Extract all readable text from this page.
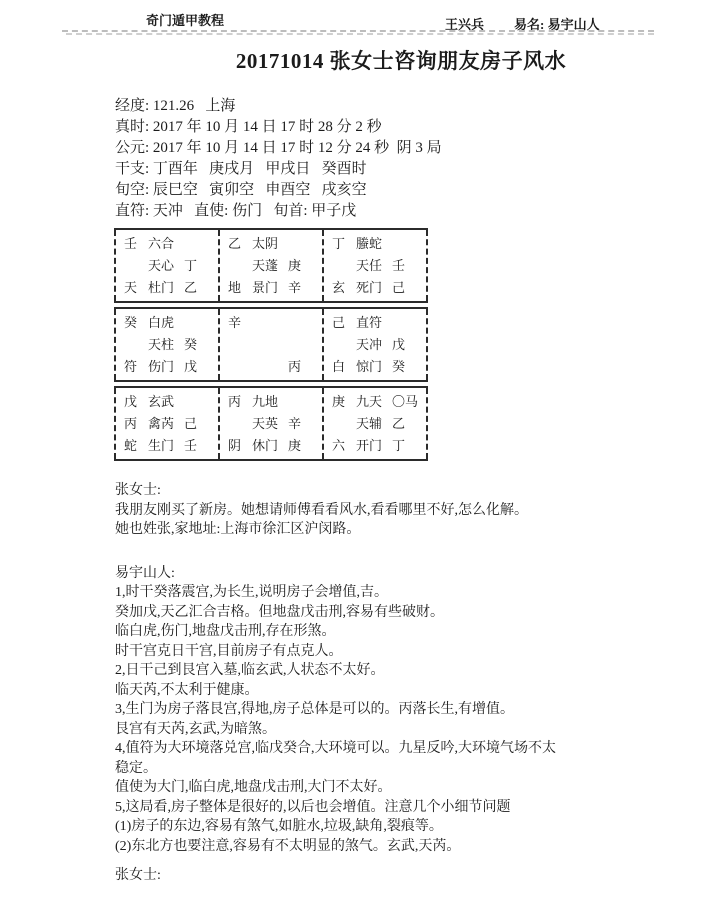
奇门遁甲教程	王兴兵 易名: 易宇山人
20171014 张女士咨询朋友房子风水
经度: 121.26   上海
真时: 2017 年 10 月 14 日 17 时 28 分 2 秒
公元: 2017 年 10 月 14 日 17 时 12 分 24 秒  阴 3 局
干支: 丁酉年   庚戌月   甲戌日   癸酉时
旬空: 辰巳空   寅卯空   申酉空   戌亥空
直符: 天冲   直使: 伤门   旬首: 甲子戊
壬 六合
天心 丁
天 杜门 乙
乙 太阴
天蓬 庚
地 景门 辛
丁 螣蛇
天任 壬
玄 死门 己
癸 白虎
天柱 癸
符 伤门 戊
辛
丙
己 直符
天冲 戊
白 惊门 癸
戊 玄武
丙 禽芮 己
蛇 生门 壬
丙 九地
天英 辛
阴 休门 庚
庚 九天 〇马
天辅 乙
六 开门 丁
张女士:
我朋友刚买了新房。她想请师傅看看风水,看看哪里不好,怎么化解。
她也姓张,家地址:上海市徐汇区沪闵路。
易宇山人:
1,时干癸落震宫,为长生,说明房子会增值,吉。
癸加戊,天乙汇合吉格。但地盘戊击刑,容易有些破财。
临白虎,伤门,地盘戊击刑,存在形煞。
时干宫克日干宫,目前房子有点克人。
2,日干己到艮宫入墓,临玄武,人状态不太好。
临天芮,不太利于健康。
3,生门为房子落艮宫,得地,房子总体是可以的。丙落长生,有增值。
艮宫有天芮,玄武,为暗煞。
4,值符为大环境落兑宫,临戊癸合,大环境可以。九星反吟,大环境气场不太
稳定。
值使为大门,临白虎,地盘戊击刑,大门不太好。
5,这局看,房子整体是很好的,以后也会增值。注意几个小细节问题
(1)房子的东边,容易有煞气,如脏水,垃圾,缺角,裂痕等。
(2)东北方也要注意,容易有不太明显的煞气。玄武,天芮。
张女士:
